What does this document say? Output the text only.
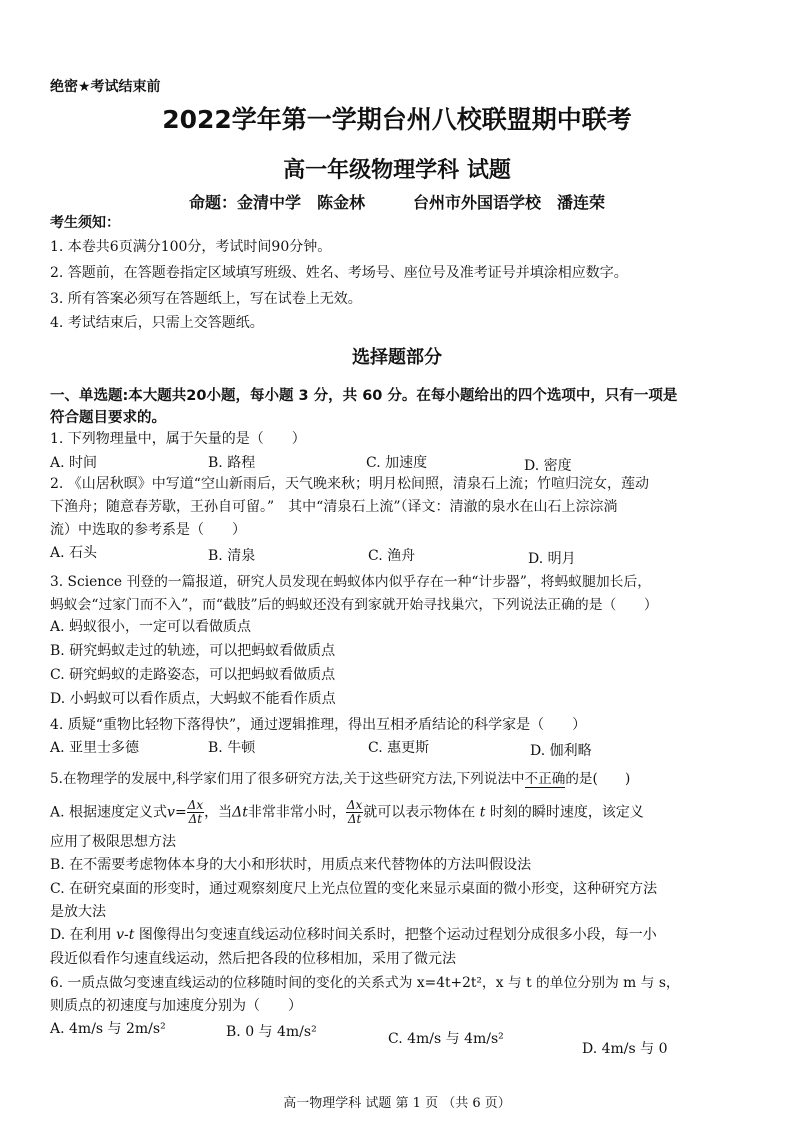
绝密★考试结束前
2022学年第一学期台州八校联盟期中联考
高一年级物理学科 试题
命题：金清中学　陈金林　　　台州市外国语学校　潘连荣
考生须知：
1. 本卷共6页满分100分，考试时间90分钟。
2. 答题前，在答题卷指定区域填写班级、姓名、考场号、座位号及准考证号并填涂相应数字。
3. 所有答案必须写在答题纸上，写在试卷上无效。
4. 考试结束后，只需上交答题纸。
选择题部分
一、单选题:本大题共20小题，每小题 3 分，共 60 分。在每小题给出的四个选项中，只有一项是
符合题目要求的。
1. 下列物理量中，属于矢量的是（　　）
A. 时间	B. 路程	C. 加速度	D. 密度
2. 《山居秋暝》中写道“空山新雨后，天气晚来秋；明月松间照，清泉石上流；竹喧归浣女，莲动
下渔舟；随意春芳歇，王孙自可留。”　其中“清泉石上流”（译文：清澈的泉水在山石上淙淙淌
流）中选取的参考系是（　　）
A. 石头	B. 清泉	C. 渔舟	D. 明月
3. Science 刊登的一篇报道，研究人员发现在蚂蚁体内似乎存在一种“计步器”，将蚂蚁腿加长后，
蚂蚁会“过家门而不入”，而“截肢”后的蚂蚁还没有到家就开始寻找巢穴，下列说法正确的是（　　）
A. 蚂蚁很小，一定可以看做质点
B. 研究蚂蚁走过的轨迹，可以把蚂蚁看做质点
C. 研究蚂蚁的走路姿态，可以把蚂蚁看做质点
D. 小蚂蚁可以看作质点，大蚂蚁不能看作质点
4. 质疑“重物比轻物下落得快”，通过逻辑推理，得出互相矛盾结论的科学家是（　　）
A. 亚里士多德	B. 牛顿	C. 惠更斯	D. 伽利略
5.在物理学的发展中,科学家们用了很多研究方法,关于这些研究方法,下列说法中不正确的是(　　)
A. 根据速度定义式$v= \frac{\Delta x}{\Delta t}$ ，当Δt非常非常小时， $\frac{\Delta x}{\Delta t}$ 就可以表示物体在 t 时刻的瞬时速度，该定义
应用了极限思想方法
B. 在不需要考虑物体本身的大小和形状时，用质点来代替物体的方法叫假设法
C. 在研究桌面的形变时，通过观察刻度尺上光点位置的变化来显示桌面的微小形变，这种研究方法
是放大法
D. 在利用 v-t 图像得出匀变速直线运动位移时间关系时，把整个运动过程划分成很多小段，每一小
段近似看作匀速直线运动，然后把各段的位移相加，采用了微元法
6. 一质点做匀变速直线运动的位移随时间的变化的关系式为 x=4t+2t²，x 与 t 的单位分别为 m 与 s，
则质点的初速度与加速度分别为（　　）
A. 4m/s 与 2m/s²	B. 0 与 4m/s²	C. 4m/s 与 4m/s²
D. 4m/s 与 0
高一物理学科 试题 第 1 页 （共 6 页）
